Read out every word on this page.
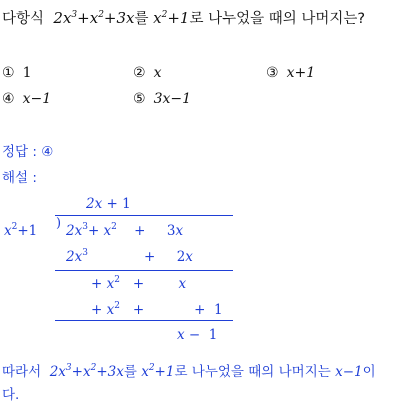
다항식  $2x^3+x^2+3x$를 $x^2+1$로 나누었을 때의 나머지는?
① 1	② x	③ x+1
④ x−1	⑤ 3x−1
정답 : ④
해설 :
2x + 1
$x^2+1$ ) $2x^3+ x^2$    +     3x
$2x^3$	+     2x
+ $x^2$   +        x
+ $x^2$   +	+  1
x −  1
따라서  $2x^3+x^2+3x$를 $x^2+1$로 나누었을 때의 나머지는 x−1이
다.
